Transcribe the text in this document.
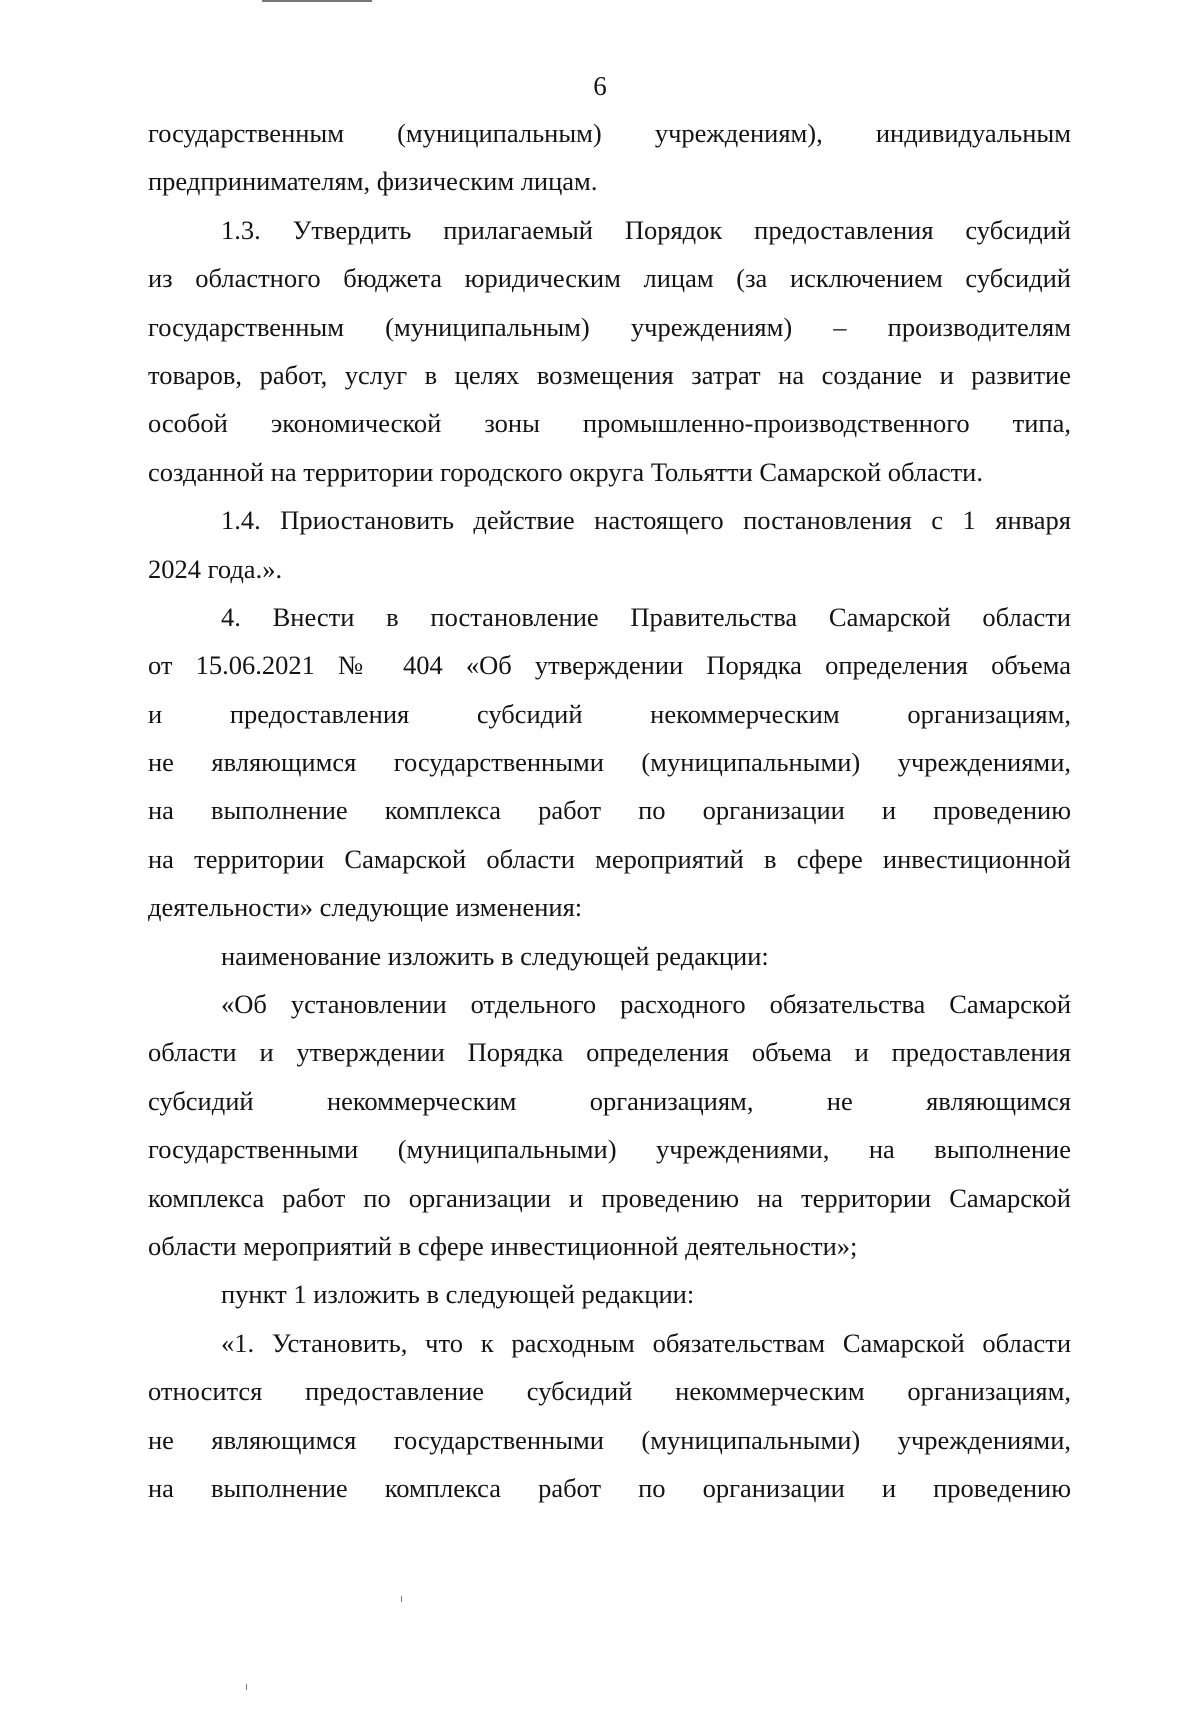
6
государственным (муниципальным) учреждениям), индивидуальным
предпринимателям, физическим лицам.
1.3. Утвердить прилагаемый Порядок предоставления субсидий
из областного бюджета юридическим лицам (за исключением субсидий
государственным (муниципальным) учреждениям) – производителям
товаров, работ, услуг в целях возмещения затрат на создание и развитие
особой экономической зоны промышленно-производственного типа,
созданной на территории городского округа Тольятти Самарской области.
1.4. Приостановить действие настоящего постановления с 1 января
2024 года.».
4. Внести в постановление Правительства Самарской области
от 15.06.2021 № 404 «Об утверждении Порядка определения объема
и предоставления субсидий некоммерческим организациям,
не являющимся государственными (муниципальными) учреждениями,
на выполнение комплекса работ по организации и проведению
на территории Самарской области мероприятий в сфере инвестиционной
деятельности» следующие изменения:
наименование изложить в следующей редакции:
«Об установлении отдельного расходного обязательства Самарской
области и утверждении Порядка определения объема и предоставления
субсидий некоммерческим организациям, не являющимся
государственными (муниципальными) учреждениями, на выполнение
комплекса работ по организации и проведению на территории Самарской
области мероприятий в сфере инвестиционной деятельности»;
пункт 1 изложить в следующей редакции:
«1. Установить, что к расходным обязательствам Самарской области
относится предоставление субсидий некоммерческим организациям,
не являющимся государственными (муниципальными) учреждениями,
на выполнение комплекса работ по организации и проведению
